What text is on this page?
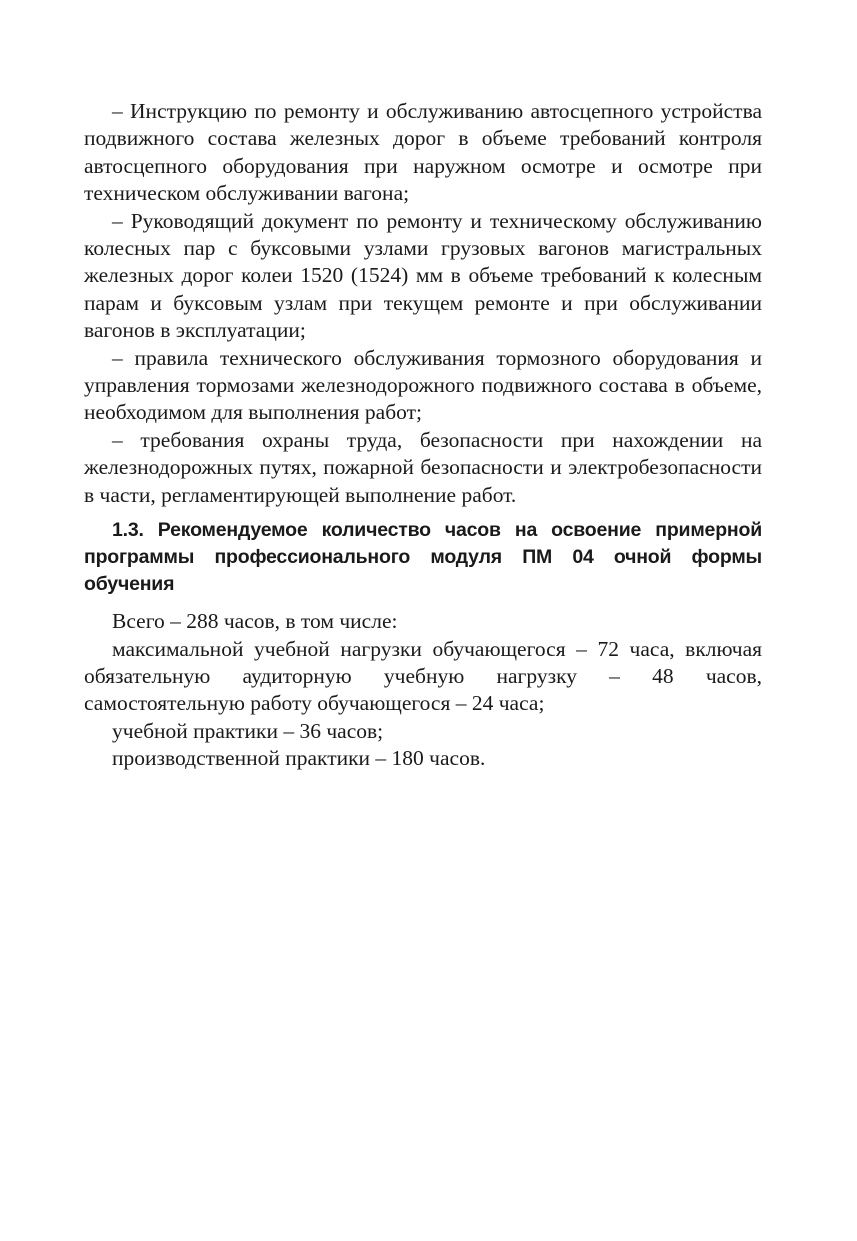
– Инструкцию по ремонту и обслуживанию автосцепного устройства подвижного состава железных дорог в объеме требований контроля автосцепного оборудования при наружном осмотре и осмотре при техническом обслуживании вагона;

– Руководящий документ по ремонту и техническому обслуживанию колесных пар с буксовыми узлами грузовых вагонов магистральных железных дорог колеи 1520 (1524) мм в объеме требований к колесным парам и буксовым узлам при текущем ремонте и при обслуживании вагонов в эксплуатации;

– правила технического обслуживания тормозного оборудования и управления тормозами железнодорожного подвижного состава в объеме, необходимом для выполнения работ;

– требования охраны труда, безопасности при нахождении на железнодорожных путях, пожарной безопасности и электробезопасности в части, регламентирующей выполнение работ.

1.3. Рекомендуемое количество часов на освоение примерной программы профессионального модуля ПМ 04 очной формы обучения

Всего – 288 часов, в том числе:

максимальной учебной нагрузки обучающегося – 72 часа, включая обязательную аудиторную учебную нагрузку – 48 часов, самостоятельную работу обучающегося – 24 часа;

учебной практики – 36 часов;

производственной практики – 180 часов.
